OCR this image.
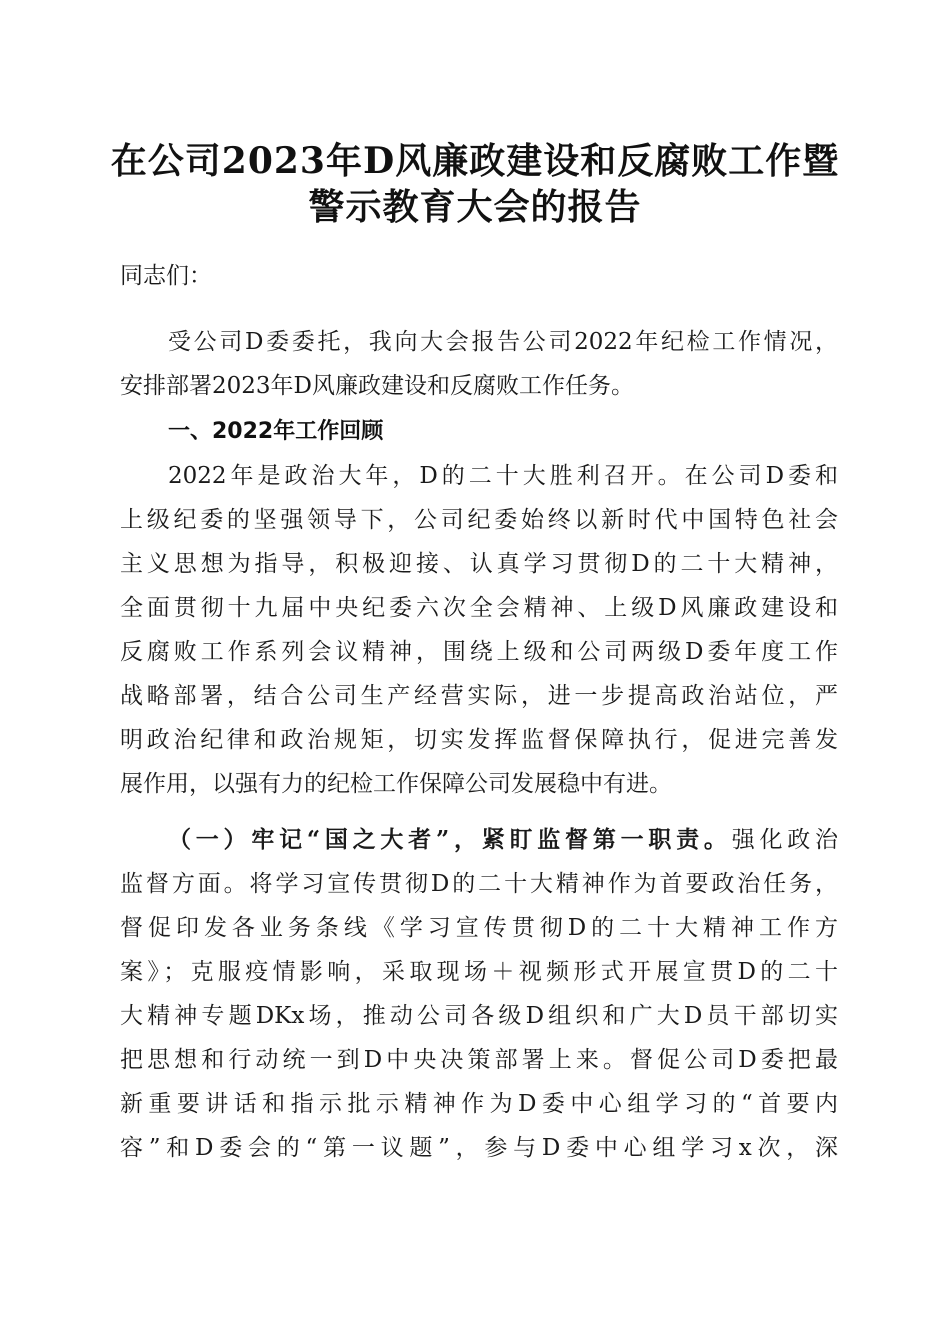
在公司2023年D风廉政建设和反腐败工作暨
警示教育大会的报告
同志们：
受公司D委委托，我向大会报告公司2022年纪检工作情况，
安排部署2023年D风廉政建设和反腐败工作任务。
一、2022年工作回顾
2022年是政治大年，D的二十大胜利召开。在公司D委和
上级纪委的坚强领导下，公司纪委始终以新时代中国特色社会
主义思想为指导，积极迎接、认真学习贯彻D的二十大精神，
全面贯彻十九届中央纪委六次全会精神、上级D风廉政建设和
反腐败工作系列会议精神，围绕上级和公司两级D委年度工作
战略部署，结合公司生产经营实际，进一步提高政治站位，严
明政治纪律和政治规矩，切实发挥监督保障执行，促进完善发
展作用，以强有力的纪检工作保障公司发展稳中有进。
（一）牢记“国之大者”，紧盯监督第一职责。强化政治
监督方面。将学习宣传贯彻D的二十大精神作为首要政治任务，
督促印发各业务条线《学习宣传贯彻D的二十大精神工作方
案》；克服疫情影响，采取现场＋视频形式开展宣贯D的二十
大精神专题DKx场，推动公司各级D组织和广大D员干部切实
把思想和行动统一到D中央决策部署上来。督促公司D委把最
新重要讲话和指示批示精神作为D委中心组学习的“首要内
容”和D委会的“第一议题”，参与D委中心组学习x次，深
